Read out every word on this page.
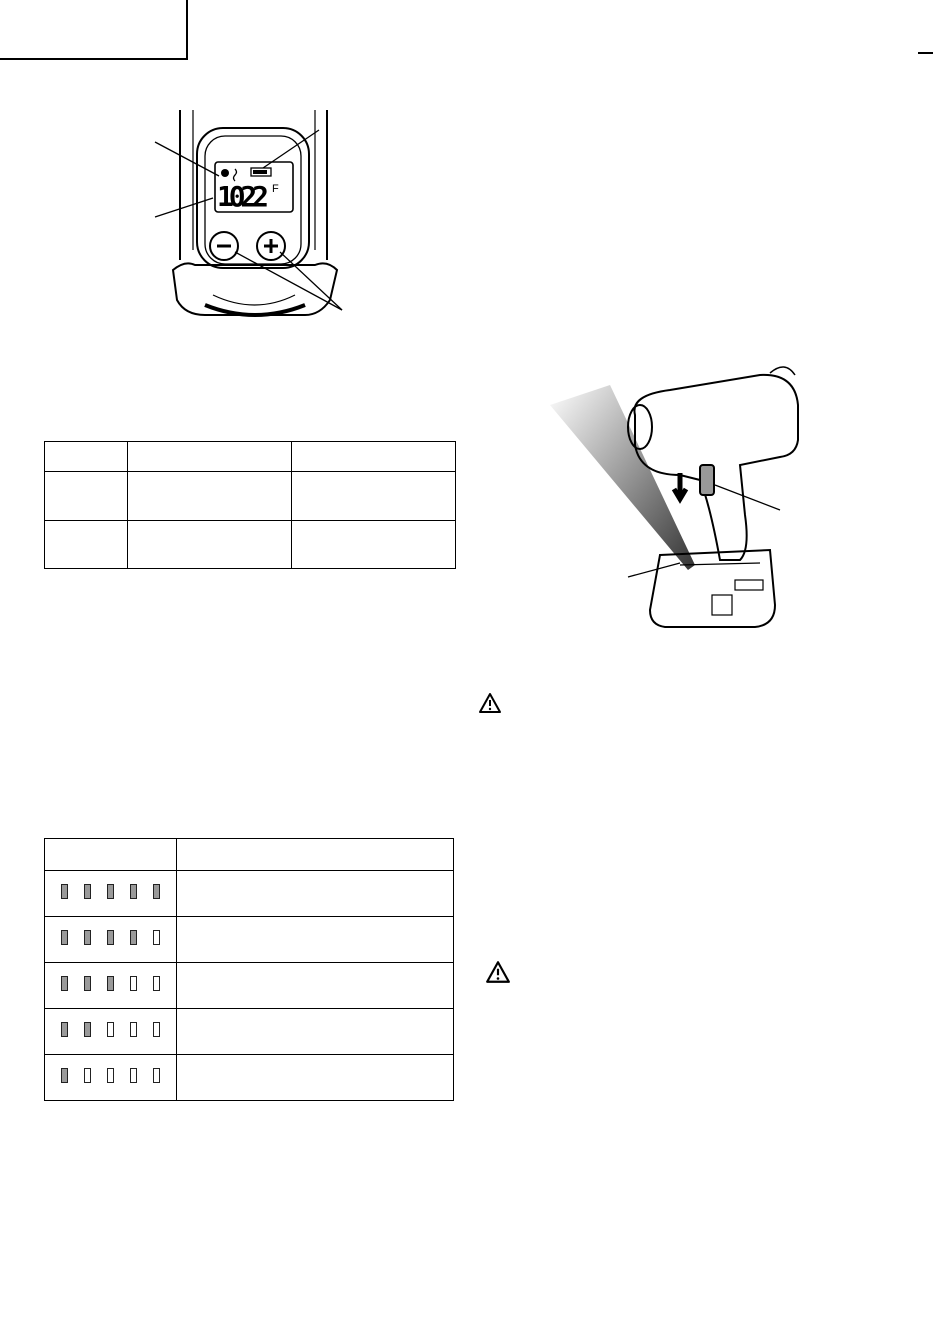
1022 F
